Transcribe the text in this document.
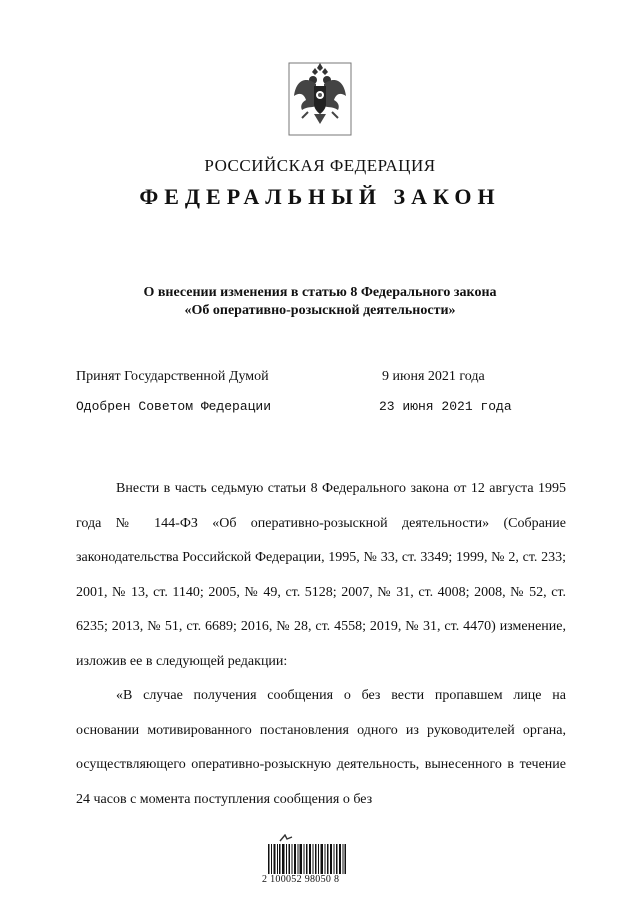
РОССИЙСКАЯ ФЕДЕРАЦИЯ
ФЕДЕРАЛЬНЫЙ ЗАКОН
О внесении изменения в статью 8 Федерального закона
«Об оперативно-розыскной деятельности»
Принят Государственной Думой	9 июня 2021 года
Одобрен Советом Федерации	23 июня 2021 года

Внести в часть седьмую статьи 8 Федерального закона от 12 августа 1995 года № 144-ФЗ «Об оперативно-розыскной деятельности» (Собрание законодательства Российской Федерации, 1995, № 33, ст. 3349; 1999, № 2, ст. 233; 2001, № 13, ст. 1140; 2005, № 49, ст. 5128; 2007, № 31, ст. 4008; 2008, № 52, ст. 6235; 2013, № 51, ст. 6689; 2016, № 28, ст. 4558; 2019, № 31, ст. 4470) изменение, изложив ее в следующей редакции:

«В случае получения сообщения о без вести пропавшем лице на основании мотивированного постановления одного из руководителей органа, осуществляющего оперативно-розыскную деятельность, вынесенного в течение 24 часов с момента поступления сообщения о без

2 100052 98050 8
